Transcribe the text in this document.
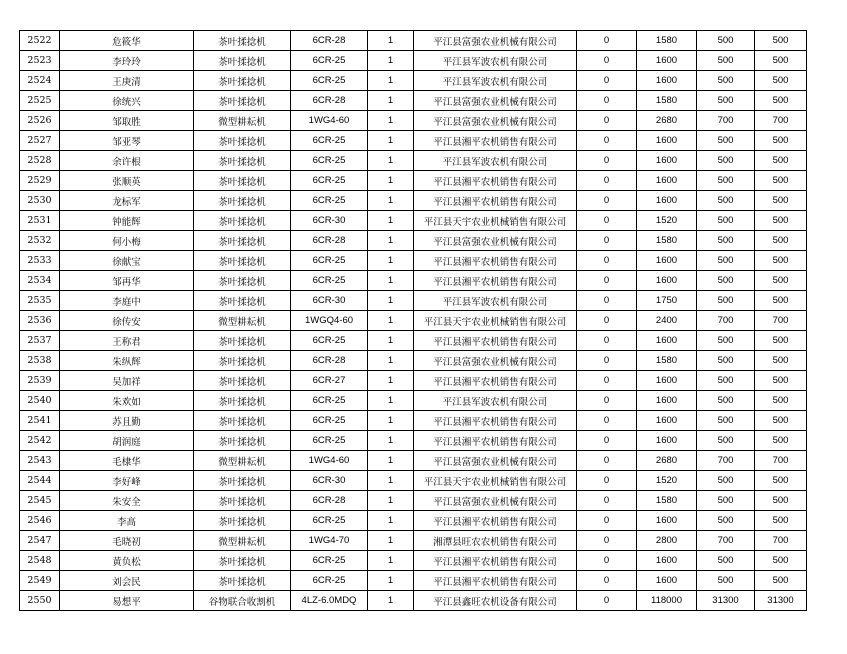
2522	危筱华	茶叶揉捻机	6CR-28	1	平江县富强农业机械有限公司	0	1580	500	500
2523	李玲玲	茶叶揉捻机	6CR-25	1	平江县军波农机有限公司	0	1600	500	500
2524	王庚清	茶叶揉捻机	6CR-25	1	平江县军波农机有限公司	0	1600	500	500
2525	徐统兴	茶叶揉捻机	6CR-28	1	平江县富强农业机械有限公司	0	1580	500	500
2526	邹取胜	微型耕耘机	1WG4-60	1	平江县富强农业机械有限公司	0	2680	700	700
2527	邹亚琴	茶叶揉捻机	6CR-25	1	平江县湘平农机销售有限公司	0	1600	500	500
2528	余许根	茶叶揉捻机	6CR-25	1	平江县军波农机有限公司	0	1600	500	500
2529	张顺英	茶叶揉捻机	6CR-25	1	平江县湘平农机销售有限公司	0	1600	500	500
2530	龙标军	茶叶揉捻机	6CR-25	1	平江县湘平农机销售有限公司	0	1600	500	500
2531	钟能辉	茶叶揉捻机	6CR-30	1	平江县天宇农业机械销售有限公司	0	1520	500	500
2532	何小梅	茶叶揉捻机	6CR-28	1	平江县富强农业机械有限公司	0	1580	500	500
2533	徐献宝	茶叶揉捻机	6CR-25	1	平江县湘平农机销售有限公司	0	1600	500	500
2534	邹再华	茶叶揉捻机	6CR-25	1	平江县湘平农机销售有限公司	0	1600	500	500
2535	李庭中	茶叶揉捻机	6CR-30	1	平江县军波农机有限公司	0	1750	500	500
2536	徐传安	微型耕耘机	1WGQ4-60	1	平江县天宇农业机械销售有限公司	0	2400	700	700
2537	王称君	茶叶揉捻机	6CR-25	1	平江县湘平农机销售有限公司	0	1600	500	500
2538	朱纵辉	茶叶揉捻机	6CR-28	1	平江县富强农业机械有限公司	0	1580	500	500
2539	吴加祥	茶叶揉捻机	6CR-27	1	平江县湘平农机销售有限公司	0	1600	500	500
2540	朱欢如	茶叶揉捻机	6CR-25	1	平江县军波农机有限公司	0	1600	500	500
2541	苏且勤	茶叶揉捻机	6CR-25	1	平江县湘平农机销售有限公司	0	1600	500	500
2542	胡润庭	茶叶揉捻机	6CR-25	1	平江县湘平农机销售有限公司	0	1600	500	500
2543	毛棣华	微型耕耘机	1WG4-60	1	平江县富强农业机械有限公司	0	2680	700	700
2544	李好峰	茶叶揉捻机	6CR-30	1	平江县天宇农业机械销售有限公司	0	1520	500	500
2545	朱安全	茶叶揉捻机	6CR-28	1	平江县富强农业机械有限公司	0	1580	500	500
2546	李高	茶叶揉捻机	6CR-25	1	平江县湘平农机销售有限公司	0	1600	500	500
2547	毛晓初	微型耕耘机	1WG4-70	1	湘潭县旺农农机销售有限公司	0	2800	700	700
2548	黄负松	茶叶揉捻机	6CR-25	1	平江县湘平农机销售有限公司	0	1600	500	500
2549	刘会民	茶叶揉捻机	6CR-25	1	平江县湘平农机销售有限公司	0	1600	500	500
2550	易想平	谷物联合收割机	4LZ-6.0MDQ	1	平江县鑫旺农机设备有限公司	0	118000	31300	31300
